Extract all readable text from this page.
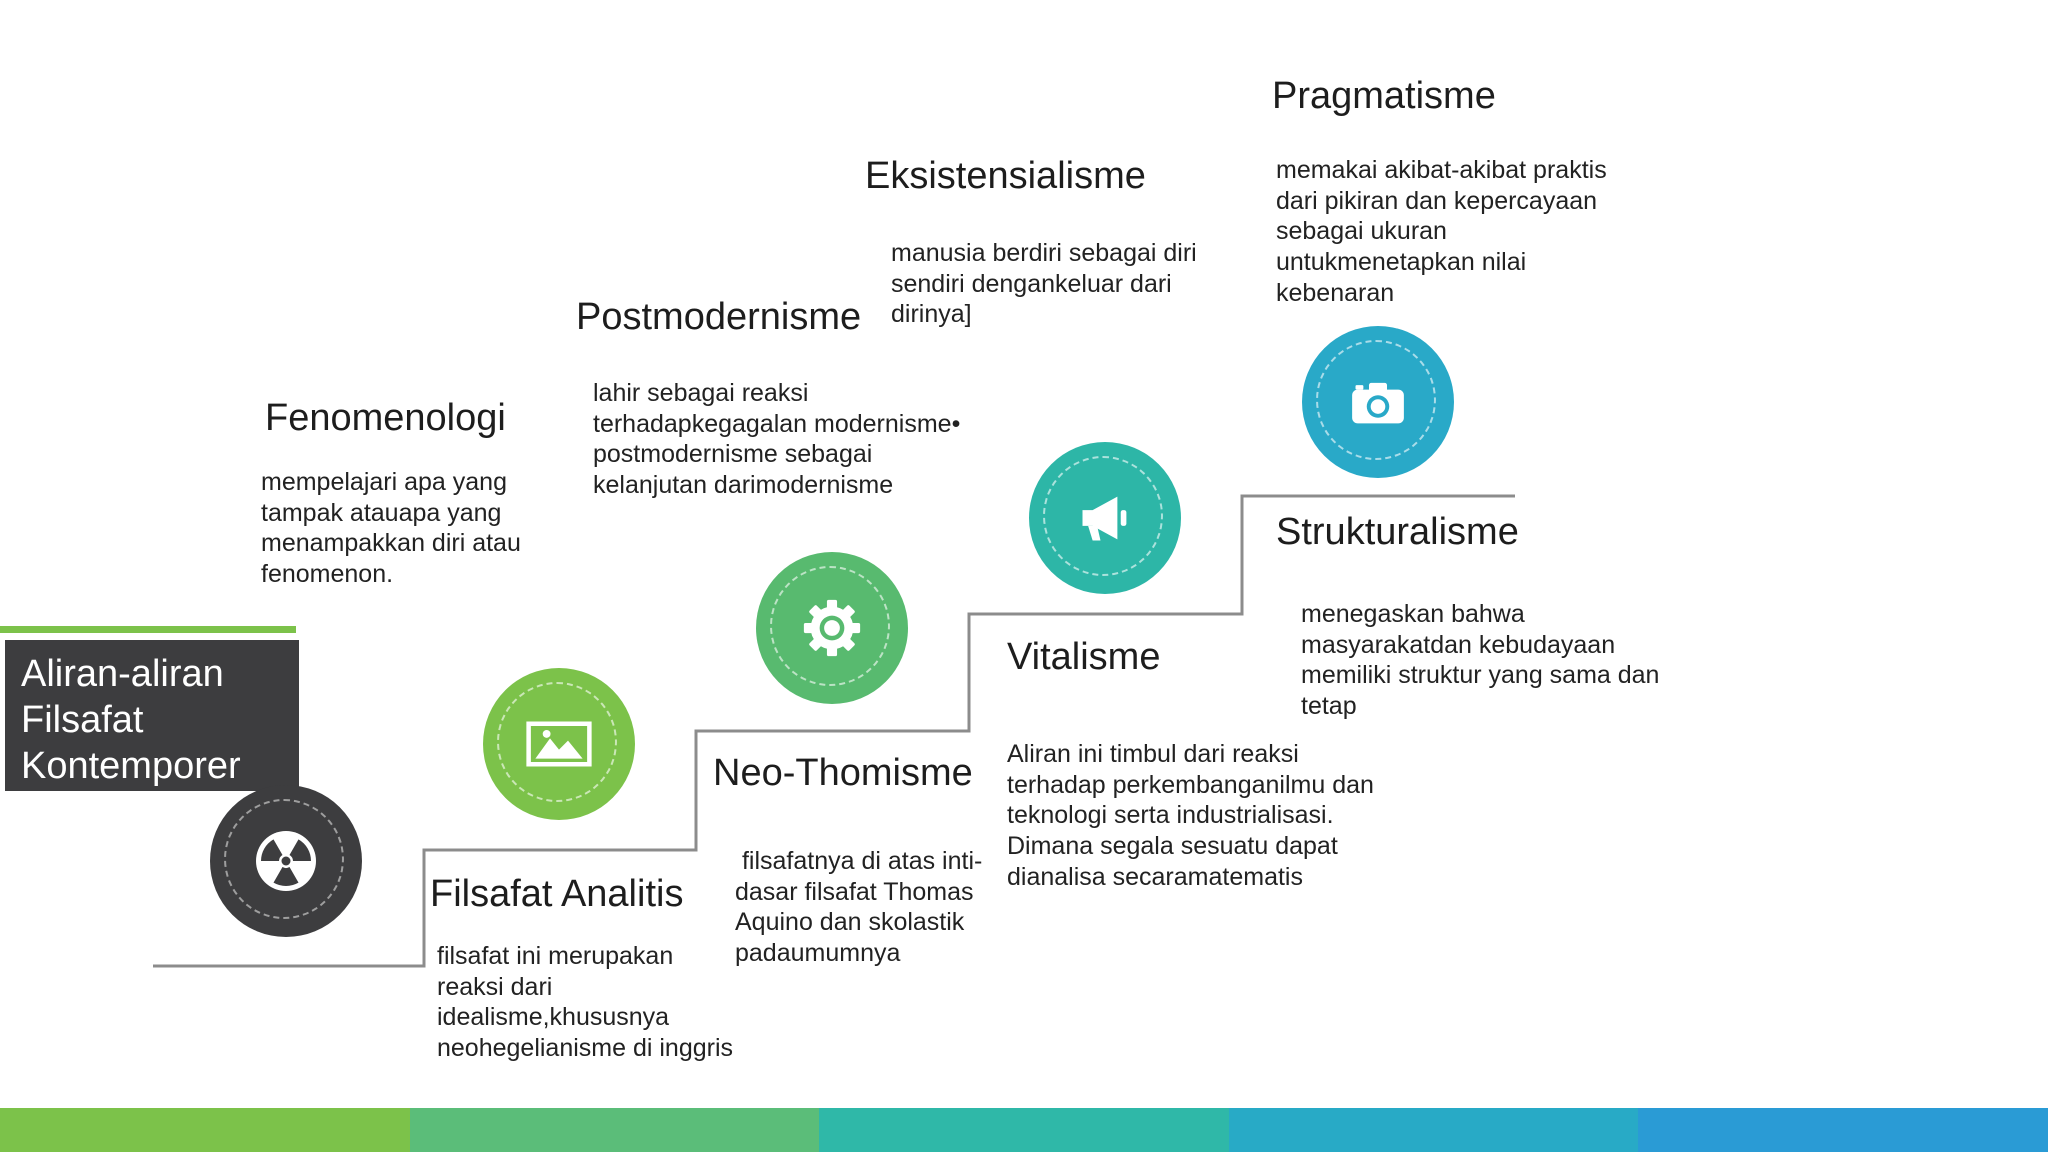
Aliran-aliran
Filsafat
Kontemporer
Fenomenologi
mempelajari apa yang
tampak atauapa yang
menampakkan diri atau
fenomenon.
Filsafat Analitis
filsafat ini merupakan
reaksi dari
idealisme,khususnya
neohegelianisme di inggris
Postmodernisme
lahir sebagai reaksi
terhadapkegagalan modernisme•
postmodernisme sebagai
kelanjutan darimodernisme
Neo-Thomisme
filsafatnya di atas inti-
dasar filsafat Thomas
Aquino dan skolastik
padaumumnya
Eksistensialisme
manusia berdiri sebagai diri
sendiri dengankeluar dari
dirinya]
Vitalisme
Aliran ini timbul dari reaksi
terhadap perkembanganilmu dan
teknologi serta industrialisasi.
Dimana segala sesuatu dapat
dianalisa secaramatematis
Pragmatisme
memakai akibat-akibat praktis
dari pikiran dan kepercayaan
sebagai ukuran
untukmenetapkan nilai
kebenaran
Strukturalisme
menegaskan bahwa
masyarakatdan kebudayaan
memiliki struktur yang sama dan
tetap
